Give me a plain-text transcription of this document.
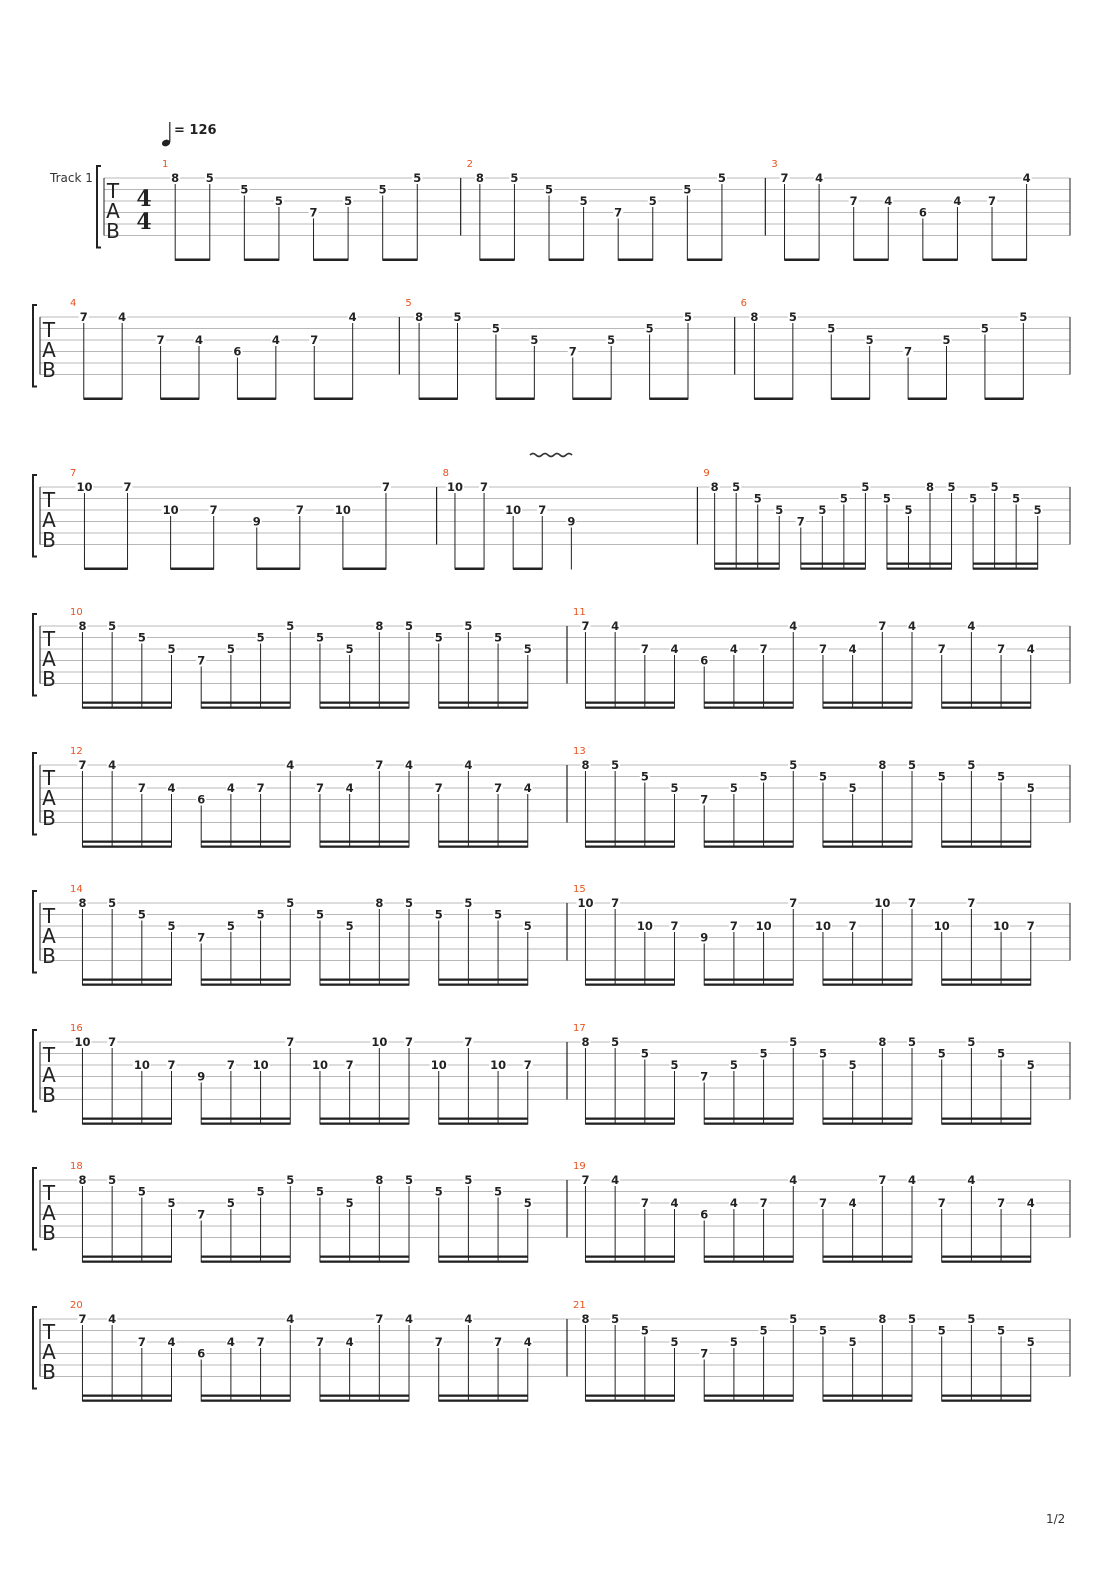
= 126
Track 1
T
A
B
4
4
1
8 5
5
5
7
5
5
5
2
8 5
5
5
7
5
5
5
3
7 4
7 4
6
4 7
4
T
A
B
4
7	4
7	4
6
4	7
4
5
8	5
5
5
7
5
5
5
6
8	5
5
5
7
5
5
5
T
A
B
7
10	7
10	7
9
7	10
7
8
10 7
10 7
9
9
8 5
5
5
7
5
5
5
5
5
8 5
5
5
5
5
T
A
B
10
8 5
5
5
7
5
5
5
5
5
8 5
5
5
5
5
11
7 4
7 4
6
4 7
4
7 4
7 4
7
4
7 4
T
A
B
12
7 4
7 4
6
4 7
4
7 4
7 4
7
4
7 4
13
8 5
5
5
7
5
5
5
5
5
8 5
5
5
5
5
T
A
B
14
8 5
5
5
7
5
5
5
5
5
8 5
5
5
5
5
15
10 7
10 7
9
7 10
7
10 7
10 7
10
7
10 7
T
A
B
16
10 7
10 7
9
7 10
7
10 7
10 7
10
7
10 7
17
8 5
5
5
7
5
5
5
5
5
8 5
5
5
5
5
T
A
B
18
8 5
5
5
7
5
5
5
5
5
8 5
5
5
5
5
19
7 4
7 4
6
4 7
4
7 4
7 4
7
4
7 4
T
A
B
20
7 4
7 4
6
4 7
4
7 4
7 4
7
4
7 4
21
8 5
5
5
7
5
5
5
5
5
8 5
5
5
5
5
1/2
